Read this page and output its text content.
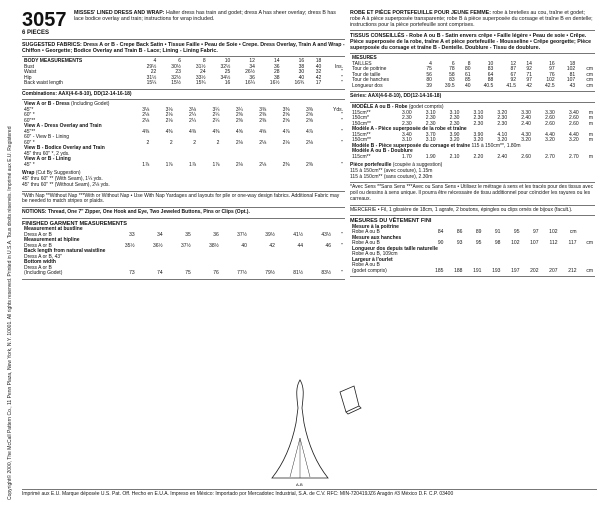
Copyright© 2000, The McCall Pattern Co., 11 Penn Plaza, New York, N.Y. 10001. All rights reserved. Printed in U.S.A. Tous droits réservés. Imprimé aux E.U. Registered
3057
6 PIECES
MISSES' LINED DRESS AND WRAP: Halter dress has train and godet; dress A has sheer overlay; dress B has lace bodice overlay and train; instructions for wrap included.
SUGGESTED FABRICS: Dress A or B - Crepe Back Satin • Tissue Faille • Peau de Soie • Crepe. Dress Overlay, Train A and Wrap - Chiffon • Georgette; Bodice Overlay and Train B - Lace; Lining - Lining Fabric.
BODY MEASUREMENTS	4	6	8	10	12	14	16	18	
Bust	29½	30½	31½	32½	34	36	38	40	Ins.
Waist	22	23	24	25	26½	28	30	32	"
Hip	31½	32½	33½	34½	36	38	40	42	"
Back waist length	15¼	15½	15¾	16	16¼	16½	16¾	17	"
Combinations: AAX(4-6-8-10), DD(12-14-16-18)
View A or B - Dress (Including Godet)									
45"*	3⅛	3⅛	3⅛	3¼	3¼	3⅜	3⅜	3⅜	Yds.
60" *	2⅛	2⅛	2¼	2¼	2⅜	2⅜	2⅝	2⅝	"
60"**	2⅛	2⅛	2¼	2¼	2⅜	2⅜	2⅝	2⅝	"
View A - Dress Overlay and Train									
45"**	4⅜	4⅜	4⅜	4⅜	4⅝	4⅝	4⅞	4⅞	"
60" - View B - Lining									
60" *	2	2	2	2	2⅛	2⅛	2⅛	2⅛	"
View B - Bodice Overlay and Train									
45" thru 60" *, 2 yds.									
View A or B - Lining									
45" *	1⅞	1⅞	1⅞	1⅞	2⅛	2⅛	2⅜	2⅜	"
Wrap (Cut By Suggestion)
45" thru 60" ** (With Seam), 1¼ yds.
45" thru 60" ** (Without Seam), 2⅛ yds.
*With Nap **Without Nap ***With or Without Nap • Use With Nap Yardages and layouts for pile or one-way design fabrics. Additional Fabric may be needed to match stripes or plaids.
NOTIONS: Thread, One 7" Zipper, One Hook and Eye, Two Jeweled Buttons, Pins or Clips (Opt.).
FINISHED GARMENT MEASUREMENTS
Measurement at bustline									
Dress A or B	33	34	35	36	37½	39½	41½	43½	"
Measurement at hipline									
Dress A or B	35½	36½	37½	38½	40	42	44	46	"
Back length from natural waistline									
Dress A or B, 43"									
Bottom width									
Dress A or B									
(Including Godet)	73	74	75	76	77½	79½	81½	83½	"
ROBE ET PIÈCE PORTEFEUILLE POUR JEUNE FEMME: robe à bretelles au cou, traîne et godet; robe A à pièce superposée transparente; robe B à pièce superposée du corsage et traîne B en dentelle; instructions pour la pièce portefeuille sont comprises.
TISSUS CONSEILLÉS - Robe A ou B - Satin envers crêpe • Faille légère • Peau de soie • Crêpe. Pièce superposée de la robe, traîne A et pièce portefeuille - Mousseline • Crêpe georgette; Pièce superposée du corsage et traîne B - Dentelle. Doublure - Tissu de doublure.
MESURES									
TAILLES	4	6	8	10	12	14	16	18	
Tour de poitrine	75	78	80	83	87	92	97	102	cm
Tour de taille	56	58	61	64	67	71	76	81	cm
Tour de hanches	80	83	85	88	92	97	102	107	cm
Longueur dos	39	39.5	40	40.5	41.5	42	42.5	43	cm
Séries: AAX(4-6-8-10), DD(12-14-16-18)
MODÈLE A ou B - Robe (godet compris)									
115cm**	3.00	3.10	3.10	3.10	3.20	3.30	3.30	3.40	m
150cm*	2.30	2.30	2.30	2.30	2.30	2.40	2.60	2.60	m
150cm**	2.30	2.30	2.30	2.30	2.30	2.40	2.60	2.60	m
Modèle A - Pièce superposée de la robe et traîne									
115cm**	3.40	3.70	3.90	3.90	4.10	4.30	4.40	4.40	m
150cm**	3.10	3.10	3.20	3.20	3.20	3.20	3.20	3.20	m
Modèle B - Pièce superposée du corsage et traîne 115 à 150cm**, 1.80m									
Modèle A ou B - Doublure									
115cm**	1.70	1.90	2.10	2.20	2.40	2.60	2.70	2.70	m
Pièce portefeuille (coupée à suggestion)
115 à 150cm** (avec couture), 1.15m
115 à 150cm** (sans couture), 2.30m
*Avec Sens **Sans Sens ***Avec ou Sans Sens • Utilisez le métrage à sens et les tracés pour des tissus avec poil ou dessins à sens unique. Il pourra être nécessaire de tissu additionnel pour coïncider les rayures ou les carreaux.
MERCERIE • Fil, 1 glissière de 18cm, 1 agrafe, 2 boutons, épingles ou clips ornés de bijoux (facult.).
MESURES DU VÊTEMENT FINI
Mesure à la poitrine									
Robe A ou B	84	86	89	91	95	97	102	cm	
Mesure aux hanches									
Robe A ou B	90	93	95	98	102	107	112	117	cm
Longueur dos depuis taille naturelle									
Robe A ou B, 109cm									
Largeur à l'ourlet									
Robe A ou B									
(godet compris)	185	188	191	193	197	202	207	212	cm
A-B
Imprimé aux E.U. Marque déposée U.S. Pat. Off. Hecho en E.U.A. Impreso en México: Importado por Mercadotec Industrial, S.A. de C.V. RFC: MIN-720419JZ6 Aragón #3 México D.F. C.P. 03400
